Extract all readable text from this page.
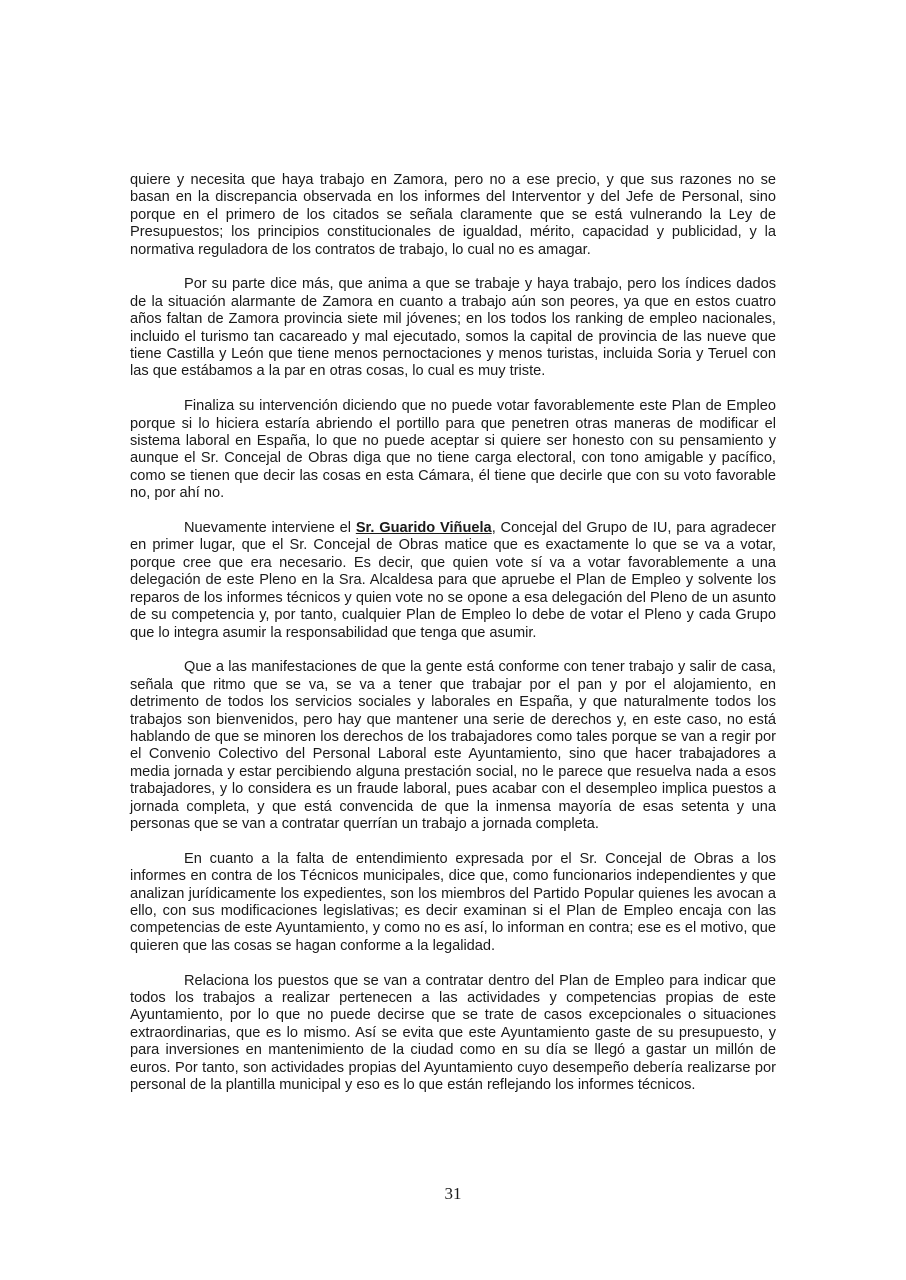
quiere y necesita que haya trabajo en Zamora, pero no a ese precio, y que sus razones no se basan en la discrepancia observada en los informes del Interventor y del Jefe de Personal, sino porque en el primero de los citados se señala claramente que se está vulnerando la Ley de Presupuestos; los principios constitucionales de igualdad, mérito, capacidad y publicidad, y la normativa reguladora de los contratos de trabajo, lo cual no es amagar.

Por su parte dice más, que anima a que se trabaje y haya trabajo, pero los índices dados de la situación alarmante de Zamora en cuanto a trabajo aún son peores, ya que en estos cuatro años faltan de Zamora provincia siete mil jóvenes; en los todos los ranking de empleo nacionales, incluido el turismo tan cacareado y mal ejecutado, somos la capital de provincia de las nueve que tiene Castilla y León que tiene menos pernoctaciones y menos turistas, incluida Soria y Teruel con las que estábamos a la par en otras cosas, lo cual es muy triste.

Finaliza su intervención diciendo que no puede votar favorablemente este Plan de Empleo porque si lo hiciera estaría abriendo el portillo para que penetren otras maneras de modificar el sistema laboral en España, lo que no puede aceptar si quiere ser honesto con su pensamiento y aunque el Sr. Concejal de Obras diga que no tiene carga electoral, con tono amigable y pacífico, como se tienen que decir las cosas en esta Cámara, él tiene que decirle que con su voto favorable no, por ahí no.

Nuevamente interviene el Sr. Guarido Viñuela, Concejal del Grupo de IU, para agradecer en primer lugar, que el Sr. Concejal de Obras matice que es exactamente lo que se va a votar, porque cree que era necesario. Es decir, que quien vote sí va a votar favorablemente a una delegación de este Pleno en la Sra. Alcaldesa para que apruebe el Plan de Empleo y solvente los reparos de los informes técnicos y quien vote no se opone a esa delegación del Pleno de un asunto de su competencia y, por tanto, cualquier Plan de Empleo lo debe de votar el Pleno y cada Grupo que lo integra asumir la responsabilidad que tenga que asumir.

Que a las manifestaciones de que la gente está conforme con tener trabajo y salir de casa, señala que ritmo que se va, se va a tener que trabajar por el pan y por el alojamiento, en detrimento de todos los servicios sociales y laborales en España, y que naturalmente todos los trabajos son bienvenidos, pero hay que mantener una serie de derechos y, en este caso, no está hablando de que se minoren los derechos de los trabajadores como tales porque se van a regir por el Convenio Colectivo del Personal Laboral este Ayuntamiento, sino que hacer trabajadores a media jornada y estar percibiendo alguna prestación social, no le parece que resuelva nada a esos trabajadores, y lo considera es un fraude laboral, pues acabar con el desempleo implica puestos a jornada completa, y que está convencida de que la inmensa mayoría de esas setenta y una personas que se van a contratar querrían un trabajo a jornada completa.

En cuanto a la falta de entendimiento expresada por el Sr. Concejal de Obras a los informes en contra de los Técnicos municipales, dice que, como funcionarios independientes y que analizan jurídicamente los expedientes, son los miembros del Partido Popular quienes les avocan a ello, con sus modificaciones legislativas; es decir examinan si el Plan de Empleo encaja con las competencias de este Ayuntamiento, y como no es así, lo informan en contra; ese es el motivo, que quieren que las cosas se hagan conforme a la legalidad.

Relaciona los puestos que se van a contratar dentro del Plan de Empleo para indicar que todos los trabajos a realizar pertenecen a las actividades y competencias propias de este Ayuntamiento, por lo que no puede decirse que se trate de casos excepcionales o situaciones extraordinarias, que es lo mismo. Así se evita que este Ayuntamiento gaste de su presupuesto, y para inversiones en mantenimiento de la ciudad como en su día se llegó a gastar un millón de euros. Por tanto, son actividades propias del Ayuntamiento cuyo desempeño debería realizarse por personal de la plantilla municipal y eso es lo que están reflejando los informes técnicos.

31
